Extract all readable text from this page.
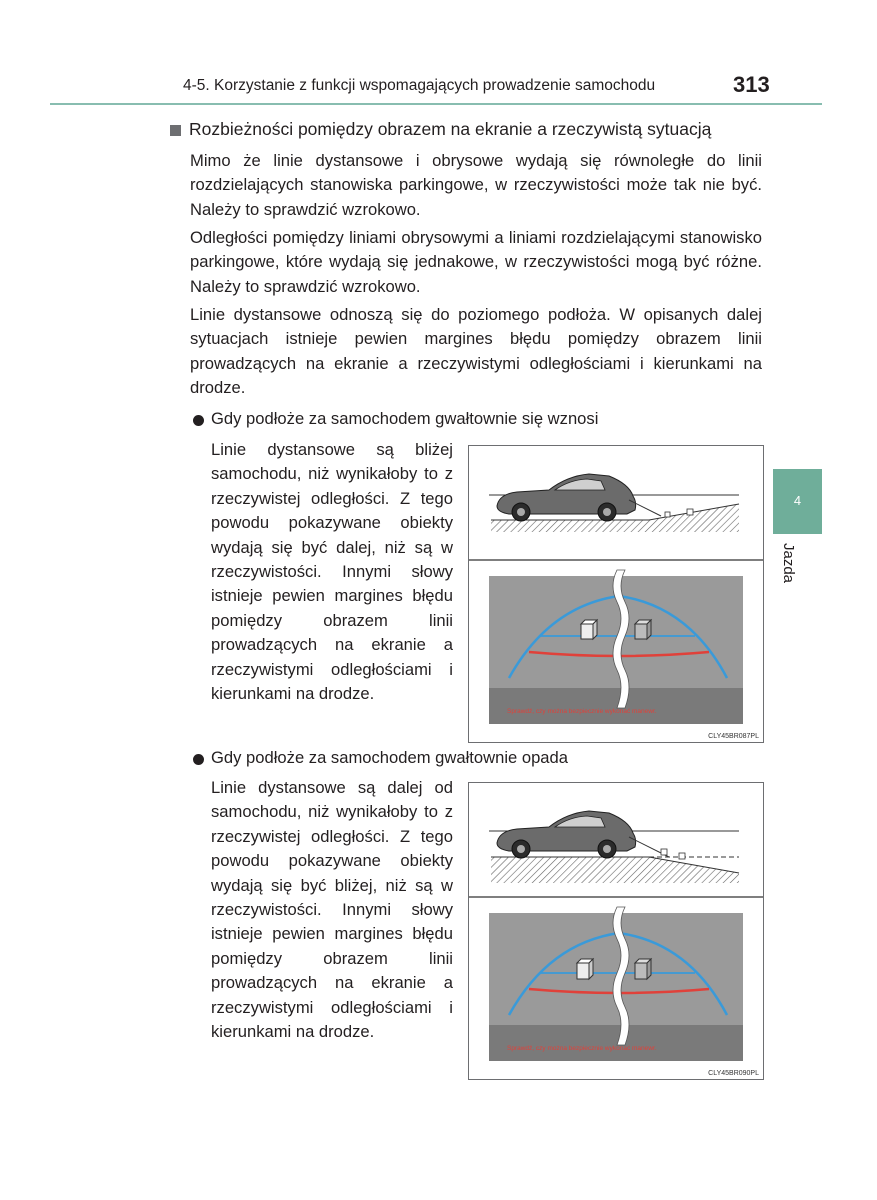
4-5. Korzystanie z funkcji wspomagających prowadzenie samochodu	313
4
Jazda
Rozbieżności pomiędzy obrazem na ekranie a rzeczywistą sytuacją
Mimo że linie dystansowe i obrysowe wydają się równoległe do linii rozdzielających stanowiska parkingowe, w rzeczywistości może tak nie być. Należy to sprawdzić wzrokowo.
Odległości pomiędzy liniami obrysowymi a liniami rozdzielającymi stanowisko parkingowe, które wydają się jednakowe, w rzeczywistości mogą być różne. Należy to sprawdzić wzrokowo.
Linie dystansowe odnoszą się do poziomego podłoża. W opisanych dalej sytuacjach istnieje pewien margines błędu pomiędzy obrazem linii prowadzących na ekranie a rzeczywistymi odległościami i kierunkami na drodze.
Gdy podłoże za samochodem gwałtownie się wznosi
Linie dystansowe są bliżej samochodu, niż wynikałoby to z rzeczywistej odległości. Z tego powodu pokazywane obiekty wydają się być dalej, niż są w rzeczywistości. Innymi słowy istnieje pewien margines błędu pomiędzy obrazem linii prowadzących na ekranie a rzeczywistymi odległościami i kierunkami na drodze.
Sprawdź, czy można bezpiecznie wykonać manewr.
CLY45BR087PL
Gdy podłoże za samochodem gwałtownie opada
Linie dystansowe są dalej od samochodu, niż wynikałoby to z rzeczywistej odległości. Z tego powodu pokazywane obiekty wydają się być bliżej, niż są w rzeczywistości. Innymi słowy istnieje pewien margines błędu pomiędzy obrazem linii prowadzących na ekranie a rzeczywistymi odległościami i kierunkami na drodze.
Sprawdź, czy można bezpiecznie wykonać manewr.
CLY45BR090PL
